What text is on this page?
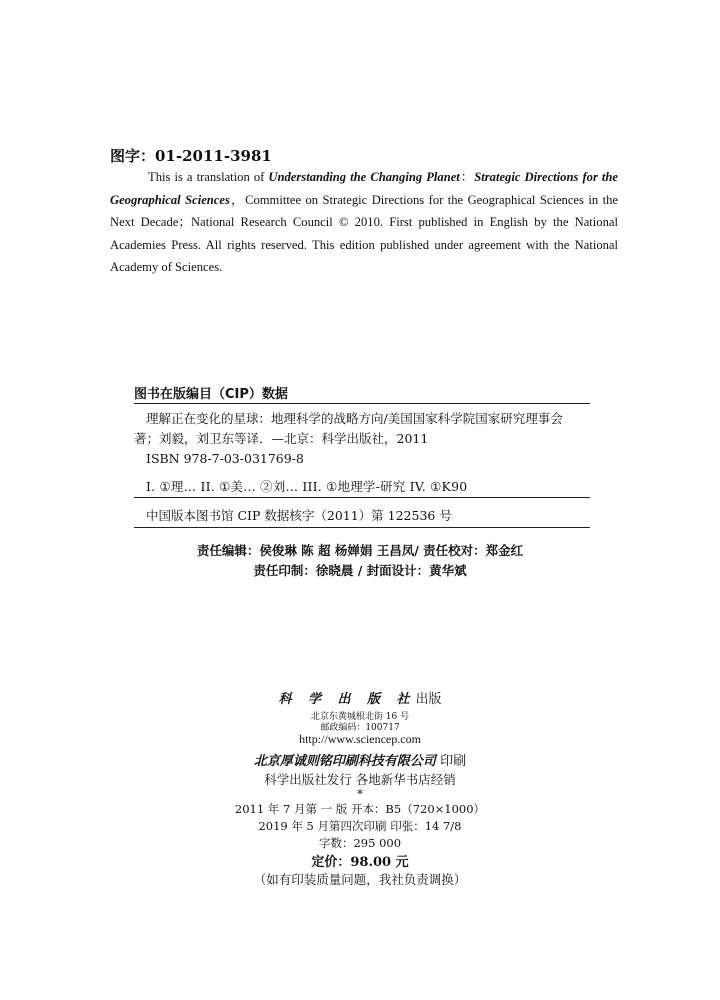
图字：01-2011-3981
This is a translation of Understanding the Changing Planet：Strategic Directions for the Geographical Sciences，Committee on Strategic Directions for the Geographical Sciences in the Next Decade；National Research Council © 2010. First published in English by the National Academies Press. All rights reserved. This edition published under agreement with the National Academy of Sciences.
图书在版编目（CIP）数据
理解正在变化的星球：地理科学的战略方向/美国国家科学院国家研究理事会
著；刘毅，刘卫东等译．—北京：科学出版社，2011
ISBN 978-7-03-031769-8
I. ①理… II. ①美… ②刘… III. ①地理学-研究 IV. ①K90
中国版本图书馆 CIP 数据核字（2011）第 122536 号
责任编辑：侯俊琳 陈 超 杨婵娟 王昌凤/ 责任校对：郑金红
责任印制：徐晓晨 / 封面设计：黄华斌
科 学 出 版 社出版
北京东黄城根北街 16 号
邮政编码：100717
http://www.sciencep.com
北京厚诚则铭印刷科技有限公司 印刷
科学出版社发行 各地新华书店经销
*
2011 年 7 月第 一 版 开本：B5（720×1000）
2019 年 5 月第四次印刷 印张：14 7/8
字数：295 000
定价：98.00 元
（如有印装质量问题，我社负责调换）
